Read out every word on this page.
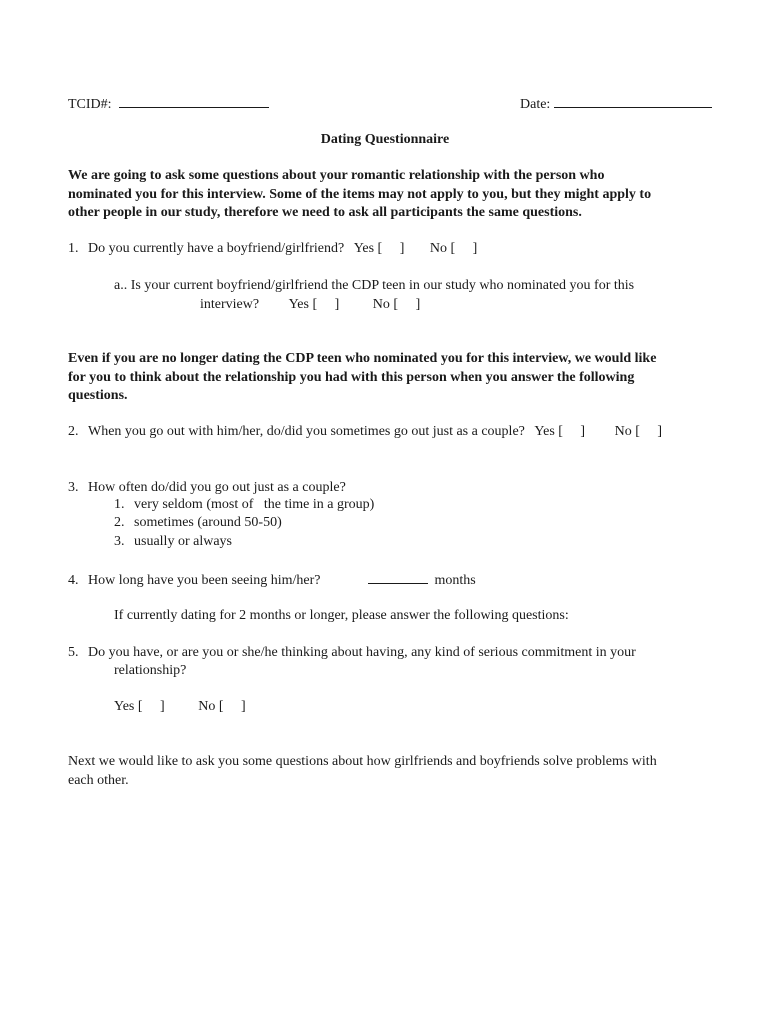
TCID#:	Date:
Dating Questionnaire
We are going to ask some questions about your romantic relationship with the person who
nominated you for this interview. Some of the items may not apply to you, but they might apply to
other people in our study, therefore we need to ask all participants the same questions.
1. Do you currently have a boyfriend/girlfriend? Yes [     ] No [     ]
a.. Is your current boyfriend/girlfriend the CDP teen in our study who nominated you for this
interview? Yes [     ] No [     ]
Even if you are no longer dating the CDP teen who nominated you for this interview, we would like
for you to think about the relationship you had with this person when you answer the following
questions.
2. When you go out with him/her, do/did you sometimes go out just as a couple? Yes [     ] No [     ]
3. How often do/did you go out just as a couple?
1. very seldom (most of   the time in a group)
2. sometimes (around 50-50)
3. usually or always
4. How long have you been seeing him/her?	months
If currently dating for 2 months or longer, please answer the following questions:
5. Do you have, or are you or she/he thinking about having, any kind of serious commitment in your
relationship?
Yes [     ] No [     ]
Next we would like to ask you some questions about how girlfriends and boyfriends solve problems with
each other.
